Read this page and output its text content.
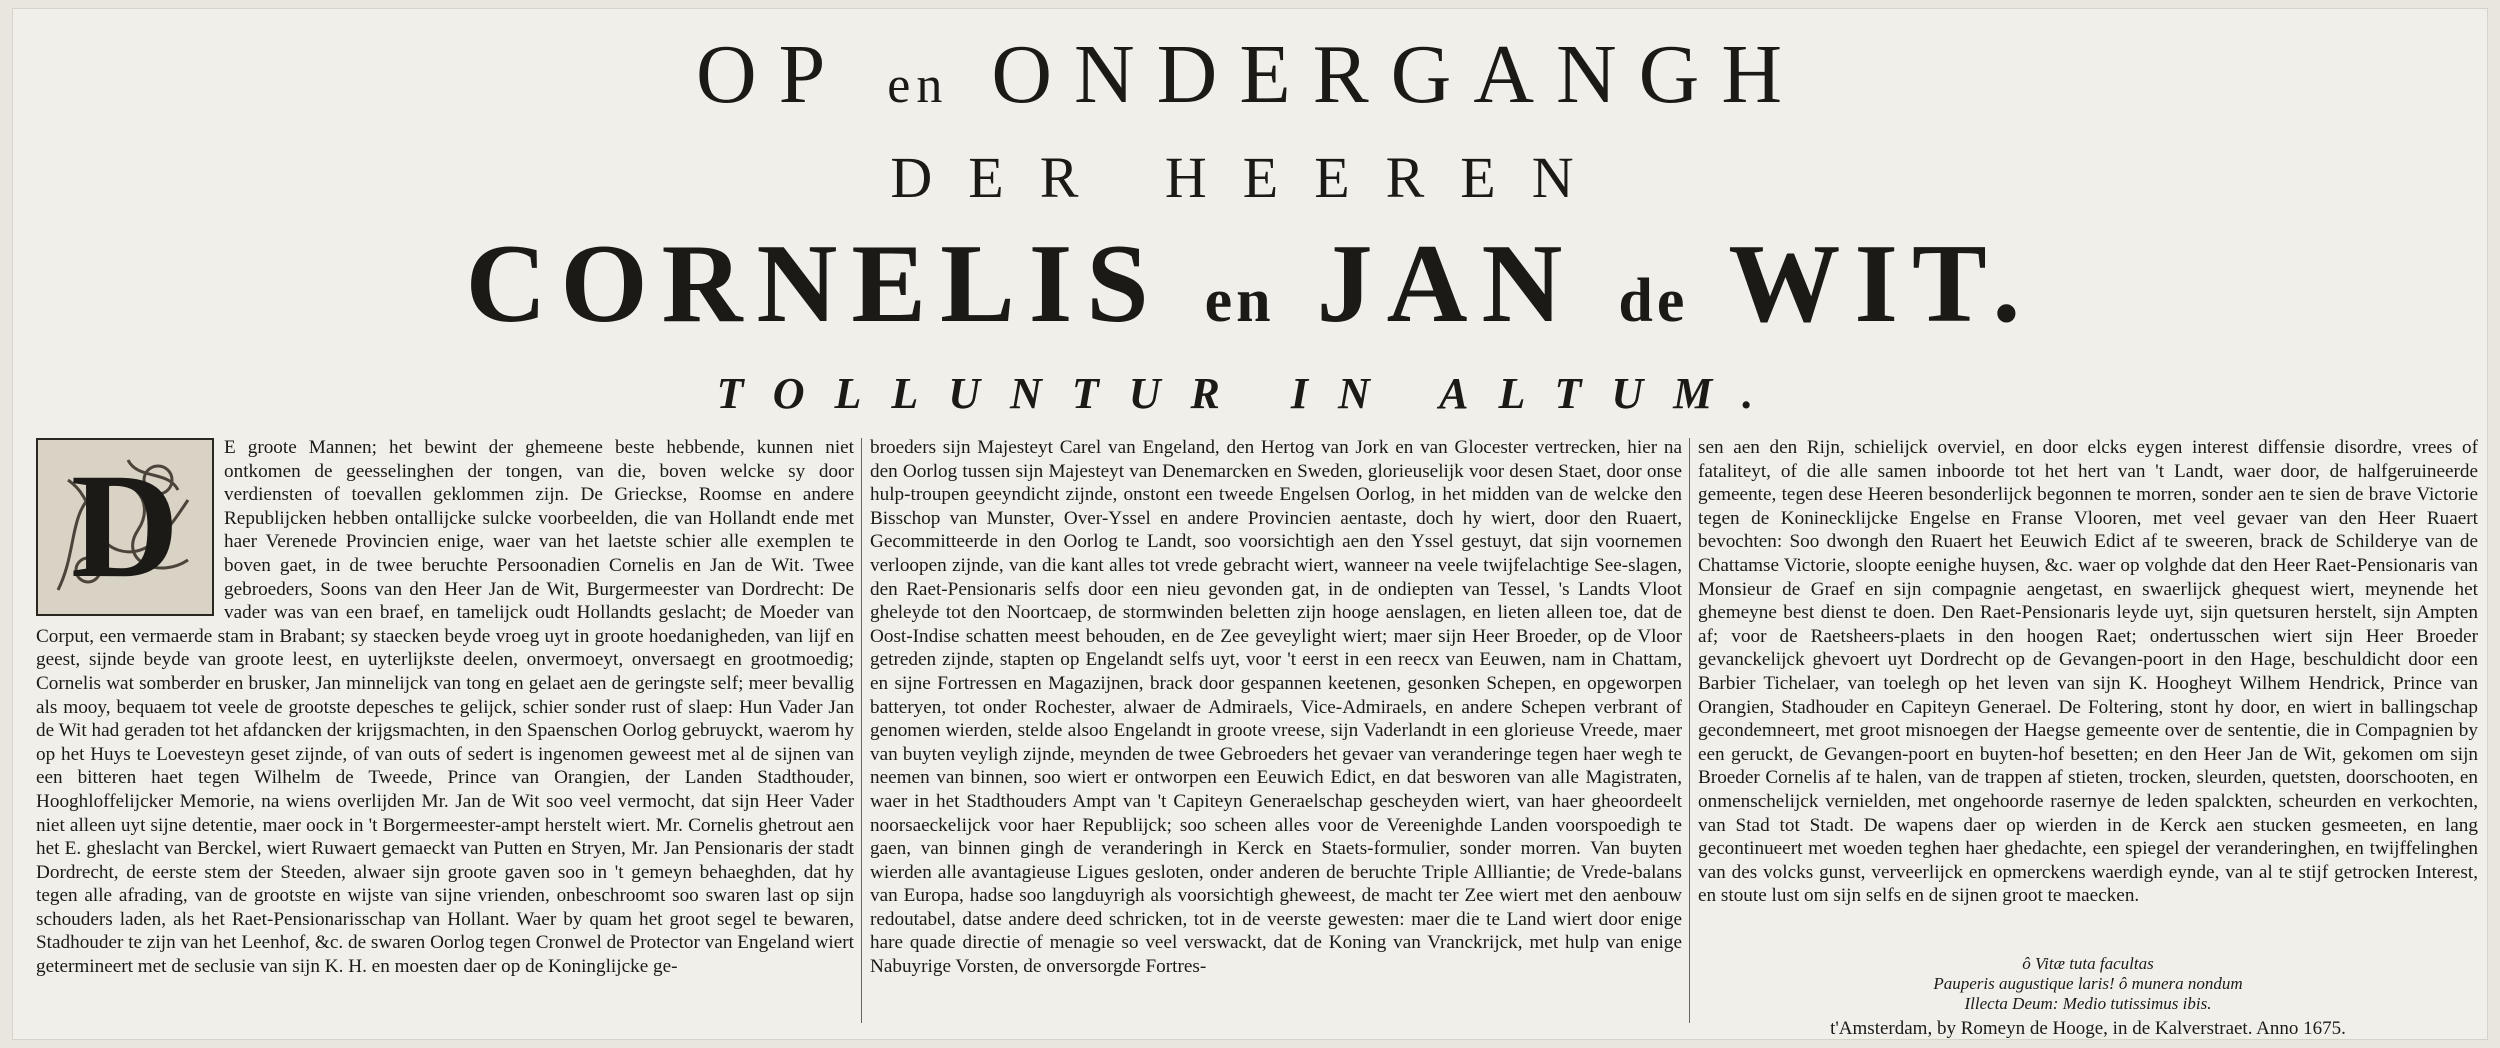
OP en ONDERGANGH
DER HEEREN
CORNELIS en JAN de WIT.
TOLLUNTUR IN ALTUM.
D	E groote Mannen; het bewint der ghemeene beste hebbende, kunnen niet ontkomen de geesselinghen der tongen, van die, boven welcke sy door verdiensten of toevallen geklommen zijn. De Grieckse, Roomse en andere Republijcken hebben ontallijcke sulcke voorbeelden, die van Hollandt ende met haer Verenede Provincien enige, waer van het laetste schier alle exemplen te boven gaet, in de twee beruchte Persoonadien Cornelis en Jan de Wit. Twee gebroeders, Soons van den Heer Jan de Wit, Burgermeester van Dordrecht: De vader was van een braef, en tamelijck oudt Hollandts geslacht; de Moeder van Corput, een vermaerde stam in Brabant; sy staecken beyde vroeg uyt in groote hoedanigheden, van lijf en geest, sijnde beyde van groote leest, en uyterlijkste deelen, onvermoeyt, onversaegt en grootmoedig; Cornelis wat somberder en brusker, Jan minnelijck van tong en gelaet aen de geringste self; meer bevallig als mooy, bequaem tot veele de grootste depesches te gelijck, schier sonder rust of slaep: Hun Vader Jan de Wit had geraden tot het afdancken der krijgsmachten, in den Spaenschen Oorlog gebruyckt, waerom hy op het Huys te Loevesteyn geset zijnde, of van outs of sedert is ingenomen geweest met al de sijnen van een bitteren haet tegen Wilhelm de Tweede, Prince van Orangien, der Landen Stadthouder, Hooghloffelijcker Memorie, na wiens overlijden Mr. Jan de Wit soo veel vermocht, dat sijn Heer Vader niet alleen uyt sijne detentie, maer oock in 't Borgermeester-ampt herstelt wiert. Mr. Cornelis ghetrout aen het E. gheslacht van Berckel, wiert Ruwaert gemaeckt van Putten en Stryen, Mr. Jan Pensionaris der stadt Dordrecht, de eerste stem der Steeden, alwaer sijn groote gaven soo in 't gemeyn behaeghden, dat hy tegen alle afrading, van de grootste en wijste van sijne vrienden, onbeschroomt soo swaren last op sijn schouders laden, als het Raet-Pensionarisschap van Hollant. Waer by quam het groot segel te bewaren, Stadhouder te zijn van het Leenhof, &c. de swaren Oorlog tegen Cronwel de Protector van Engeland wiert getermineert met de seclusie van sijn K. H. en moesten daer op de Koninglijcke ge-

broeders sijn Majesteyt Carel van Engeland, den Hertog van Jork en van Glocester vertrecken, hier na den Oorlog tussen sijn Majesteyt van Denemarcken en Sweden, glorieuselijk voor desen Staet, door onse hulp-troupen geeyndicht zijnde, onstont een tweede Engelsen Oorlog, in het midden van de welcke den Bisschop van Munster, Over-Yssel en andere Provincien aentaste, doch hy wiert, door den Ruaert, Gecommitteerde in den Oorlog te Landt, soo voorsichtigh aen den Yssel gestuyt, dat sijn voornemen verloopen zijnde, van die kant alles tot vrede gebracht wiert, wanneer na veele twijfelachtige See-slagen, den Raet-Pensionaris selfs door een nieu gevonden gat, in de ondiepten van Tessel, 's Landts Vloot gheleyde tot den Noortcaep, de stormwinden beletten zijn hooge aenslagen, en lieten alleen toe, dat de Oost-Indise schatten meest behouden, en de Zee geveylight wiert; maer sijn Heer Broeder, op de Vloor getreden zijnde, stapten op Engelandt selfs uyt, voor 't eerst in een reecx van Eeuwen, nam in Chattam, en sijne Fortressen en Magazijnen, brack door gespannen keetenen, gesonken Schepen, en opgeworpen batteryen, tot onder Rochester, alwaer de Admiraels, Vice-Admiraels, en andere Schepen verbrant of genomen wierden, stelde alsoo Engelandt in groote vreese, sijn Vaderlandt in een glorieuse Vreede, maer van buyten veyligh zijnde, meynden de twee Gebroeders het gevaer van veranderinge tegen haer wegh te neemen van binnen, soo wiert er ontworpen een Eeuwich Edict, en dat besworen van alle Magistraten, waer in het Stadthouders Ampt van 't Capiteyn Generaelschap gescheyden wiert, van haer gheoordeelt noorsaeckelijck voor haer Republijck; soo scheen alles voor de Vereenighde Landen voorspoedigh te gaen, van binnen gingh de veranderingh in Kerck en Staets-formulier, sonder morren. Van buyten wierden alle avantagieuse Ligues gesloten, onder anderen de beruchte Triple Allliantie; de Vrede-balans van Europa, hadse soo langduyrigh als voorsichtigh gheweest, de macht ter Zee wiert met den aenbouw redoutabel, datse andere deed schricken, tot in de veerste gewesten: maer die te Land wiert door enige hare quade directie of menagie so veel verswackt, dat de Koning van Vranckrijck, met hulp van enige Nabuyrige Vorsten, de onversorgde Fortres-

sen aen den Rijn, schielijck overviel, en door elcks eygen interest diffensie disordre, vrees of fataliteyt, of die alle samen inboorde tot het hert van 't Landt, waer door, de halfgeruineerde gemeente, tegen dese Heeren besonderlijck begonnen te morren, sonder aen te sien de brave Victorie tegen de Koninecklijcke Engelse en Franse Vlooren, met veel gevaer van den Heer Ruaert bevochten: Soo dwongh den Ruaert het Eeuwich Edict af te sweeren, brack de Schilderye van de Chattamse Victorie, sloopte eenighe huysen, &c. waer op volghde dat den Heer Raet-Pensionaris van Monsieur de Graef en sijn compagnie aengetast, en swaerlijck ghequest wiert, meynende het ghemeyne best dienst te doen. Den Raet-Pensionaris leyde uyt, sijn quetsuren herstelt, sijn Ampten af; voor de Raetsheers-plaets in den hoogen Raet; ondertusschen wiert sijn Heer Broeder gevanckelijck ghevoert uyt Dordrecht op de Gevangen-poort in den Hage, beschuldicht door een Barbier Tichelaer, van toelegh op het leven van sijn K. Hoogheyt Wilhem Hendrick, Prince van Orangien, Stadhouder en Capiteyn Generael. De Foltering, stont hy door, en wiert in ballingschap gecondemneert, met groot misnoegen der Haegse gemeente over de sententie, die in Compagnien by een geruckt, de Gevangen-poort en buyten-hof besetten; en den Heer Jan de Wit, gekomen om sijn Broeder Cornelis af te halen, van de trappen af stieten, trocken, sleurden, quetsten, doorschooten, en onmenschelijck vernielden, met ongehoorde rasernye de leden spalckten, scheurden en verkochten, van Stad tot Stadt. De wapens daer op wierden in de Kerck aen stucken gesmeeten, en lang gecontinueert met woeden teghen haer ghedachte, een spiegel der veranderinghen, en twijffelinghen van des volcks gunst, verveerlijck en opmerckens waerdigh eynde, van al te stijf getrocken Interest, en stoute lust om sijn selfs en de sijnen groot te maecken.

ô Vitæ tuta facultas
Pauperis augustique laris! ô munera nondum
Illecta Deum: Medio tutissimus ibis.
t'Amsterdam, by Romeyn de Hooge, in de Kalverstraet. Anno 1675.
